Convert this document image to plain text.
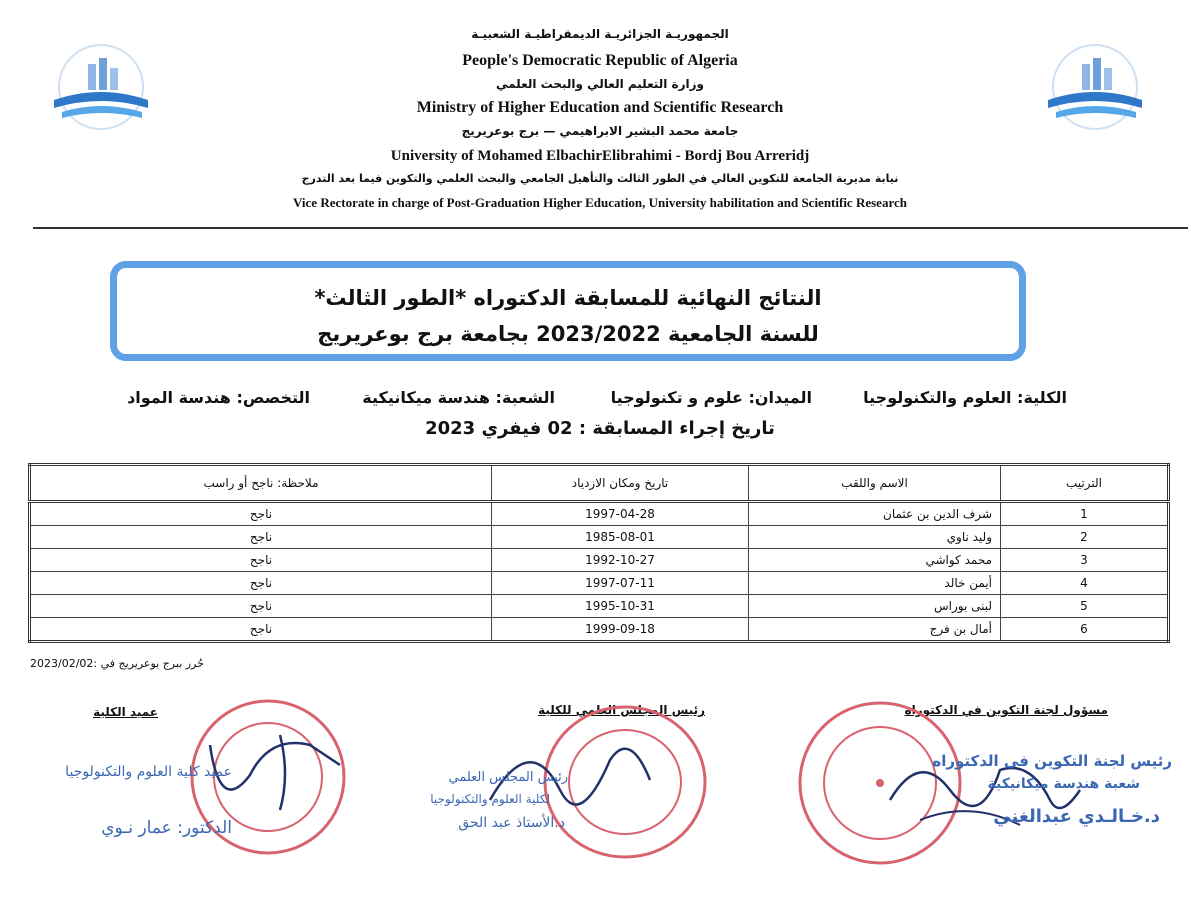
الجمهوريـة الجزائريـة الديمقراطيـة الشعبيـة
People's Democratic Republic of Algeria
وزارة التعليم العالي والبحث العلمي
Ministry of Higher Education and Scientific Research
جامعة محمد البشير الابراهيمي — برج بوعريريج
University of Mohamed ElbachirElibrahimi - Bordj Bou Arreridj
نيابة مديرية الجامعة للتكوين العالي في الطور الثالث والتأهيل الجامعي والبحث العلمي والتكوين فيما بعد التدرج
Vice Rectorate in charge of Post-Graduation Higher Education, University habilitation and Scientific Research
النتائج النهائية للمسابقة الدكتوراه *الطور الثالث*
للسنة الجامعية 2023/2022 بجامعة برج بوعريريج
الكلية: العلوم والتكنولوجيا
الميدان: علوم و تكنولوجيا
الشعبة: هندسة ميكانيكية
التخصص: هندسة المواد
تاريخ إجراء المسابقة : 02 فيفري 2023
الترتيب	الاسم واللقب	تاريخ ومكان الازدياد	ملاحظة: ناجح أو راسب
1	شرف الدين بن عثمان	1997-04-28	ناجح
2	وليد ناوي	1985-08-01	ناجح
3	محمد كواشي	1992-10-27	ناجح
4	أيمن خالد	1997-07-11	ناجح
5	لبنى بوراس	1995-10-31	ناجح
6	أمال بن فرج	1999-09-18	ناجح
حُرر ببرج بوعريريج في :2023/02/02
مسؤول لجنة التكوين في الدكتوراه
رئيس المجلس العلمي للكلية
عميد الكلية
رئيس لجنة التكوين في الدكتوراه
شعبة هندسة ميكانيكية
د.خـالـدي عبدالغني
رئيس المجلس العلمي
لكلية العلوم والتكنولوجيا
د.الأستاذ عبد الحق
عميد كلية العلوم والتكنولوجيا
الدكتور: عمار نـوي
